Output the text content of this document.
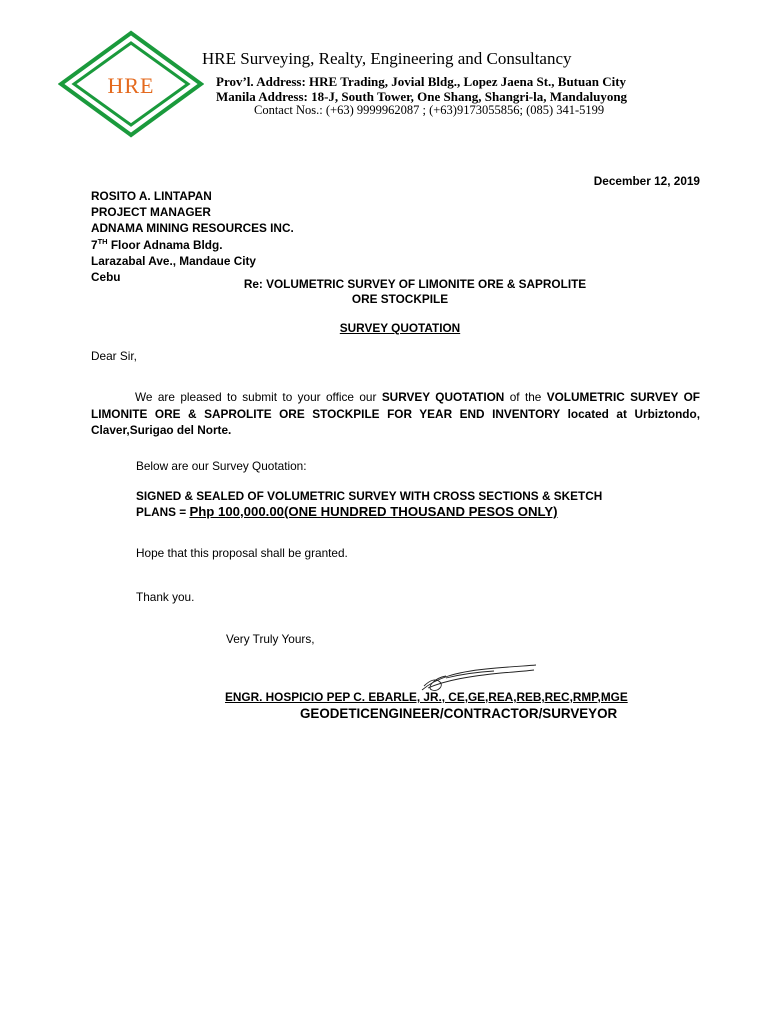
HRE
HRE Surveying, Realty, Engineering and Consultancy
Prov’l. Address: HRE Trading, Jovial Bldg., Lopez Jaena St., Butuan City
Manila Address: 18-J, South Tower, One Shang, Shangri-la, Mandaluyong
Contact Nos.: (+63) 9999962087 ; (+63)9173055856; (085) 341-5199
December 12, 2019
ROSITO A. LINTAPAN
PROJECT MANAGER
ADNAMA MINING RESOURCES INC.
7TH Floor Adnama Bldg.
Larazabal Ave., Mandaue City
Cebu	Re: VOLUMETRIC SURVEY OF LIMONITE ORE & SAPROLITE
ORE STOCKPILE
SURVEY QUOTATION
Dear Sir,
We are pleased to submit to your office our SURVEY QUOTATION of the VOLUMETRIC SURVEY OF LIMONITE ORE & SAPROLITE ORE STOCKPILE FOR YEAR END INVENTORY located at Urbiztondo, Claver,Surigao del Norte.
Below are our Survey Quotation:
SIGNED & SEALED OF VOLUMETRIC SURVEY WITH CROSS SECTIONS & SKETCH
PLANS = Php 100,000.00(ONE HUNDRED THOUSAND PESOS ONLY)
Hope that this proposal shall be granted.
Thank you.
Very Truly Yours,
ENGR. HOSPICIO PEP C. EBARLE, JR., CE,GE,REA,REB,REC,RMP,MGE
GEODETICENGINEER/CONTRACTOR/SURVEYOR
